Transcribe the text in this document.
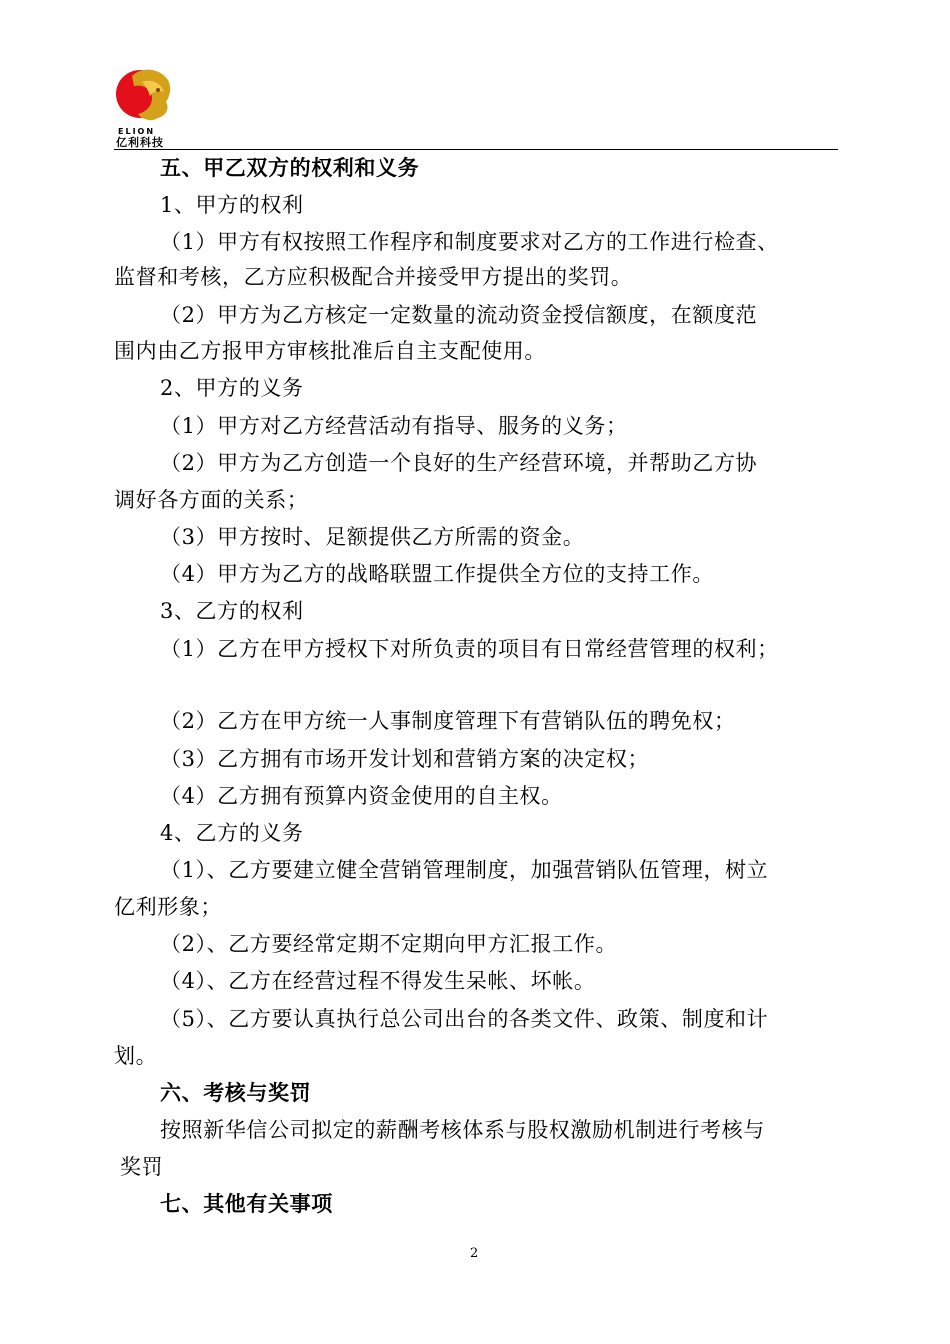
ELION
亿利科技
五、甲乙双方的权利和义务
1、甲方的权利
（1）甲方有权按照工作程序和制度要求对乙方的工作进行检查、
监督和考核，乙方应积极配合并接受甲方提出的奖罚。
（2）甲方为乙方核定一定数量的流动资金授信额度，在额度范
围内由乙方报甲方审核批准后自主支配使用。
2、甲方的义务
（1）甲方对乙方经营活动有指导、服务的义务；
（2）甲方为乙方创造一个良好的生产经营环境，并帮助乙方协
调好各方面的关系；
（3）甲方按时、足额提供乙方所需的资金。
（4）甲方为乙方的战略联盟工作提供全方位的支持工作。
3、乙方的权利
（1）乙方在甲方授权下对所负责的项目有日常经营管理的权利；
（2）乙方在甲方统一人事制度管理下有营销队伍的聘免权；
（3）乙方拥有市场开发计划和营销方案的决定权；
（4）乙方拥有预算内资金使用的自主权。
4、乙方的义务
（1）、乙方要建立健全营销管理制度，加强营销队伍管理，树立
亿利形象；
（2）、乙方要经常定期不定期向甲方汇报工作。
（4）、乙方在经营过程不得发生呆帐、坏帐。
（5）、乙方要认真执行总公司出台的各类文件、政策、制度和计
划。
六、考核与奖罚
按照新华信公司拟定的薪酬考核体系与股权激励机制进行考核与
奖罚
七、其他有关事项
2
